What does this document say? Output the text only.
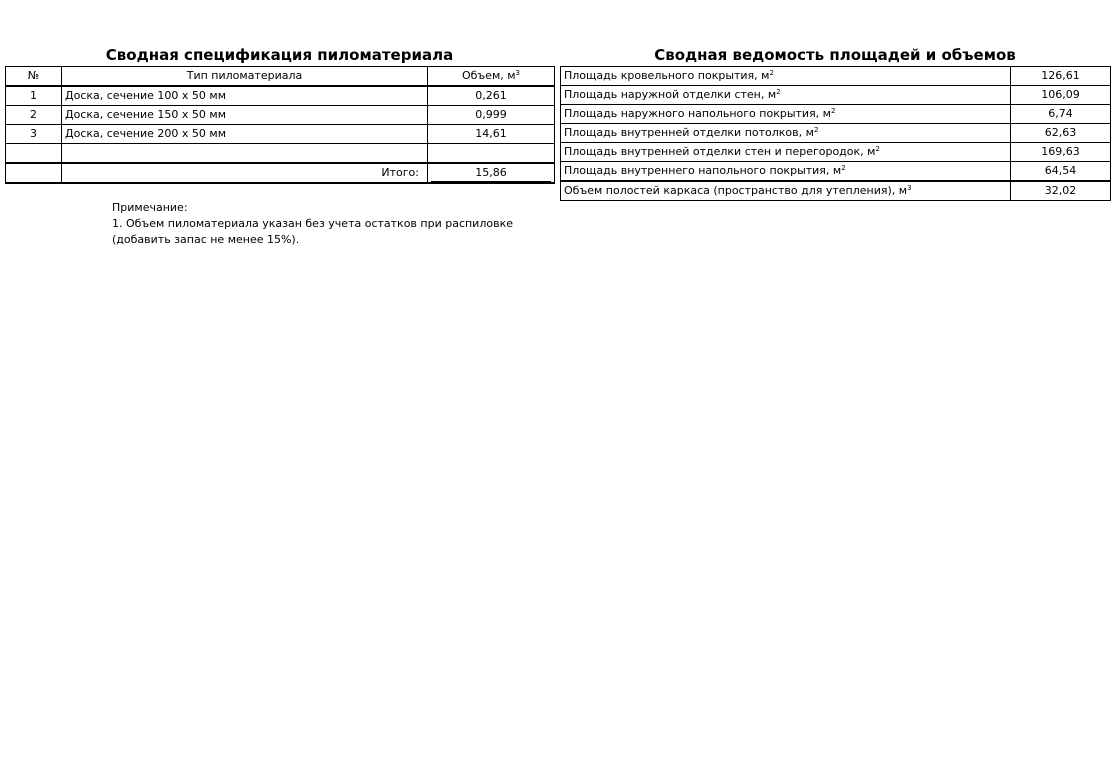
Сводная спецификация пиломатериала	Сводная ведомость площадей и объемов
№	Тип пиломатериала	Объем, $м^3$
1	Доска, сечение 100 х 50 мм	0,261
2	Доска, сечение 150 х 50 мм	0,999
3	Доска, сечение 200 х 50 мм	14,61

	Итого:	15,86
Площадь кровельного покрытия, $м^2$	126,61
Площадь наружной отделки стен, $м^2$	106,09
Площадь наружного напольного покрытия, $м^2$	6,74
Площадь внутренней отделки потолков, $м^2$	62,63
Площадь внутренней отделки стен и перегородок, $м^2$	169,63
Площадь внутреннего напольного покрытия, $м^2$	64,54
Объем полостей каркаса (пространство для утепления), $м^3$	32,02
Примечание:
1. Объем пиломатериала указан без учета остатков при распиловке
(добавить запас не менее 15%).
